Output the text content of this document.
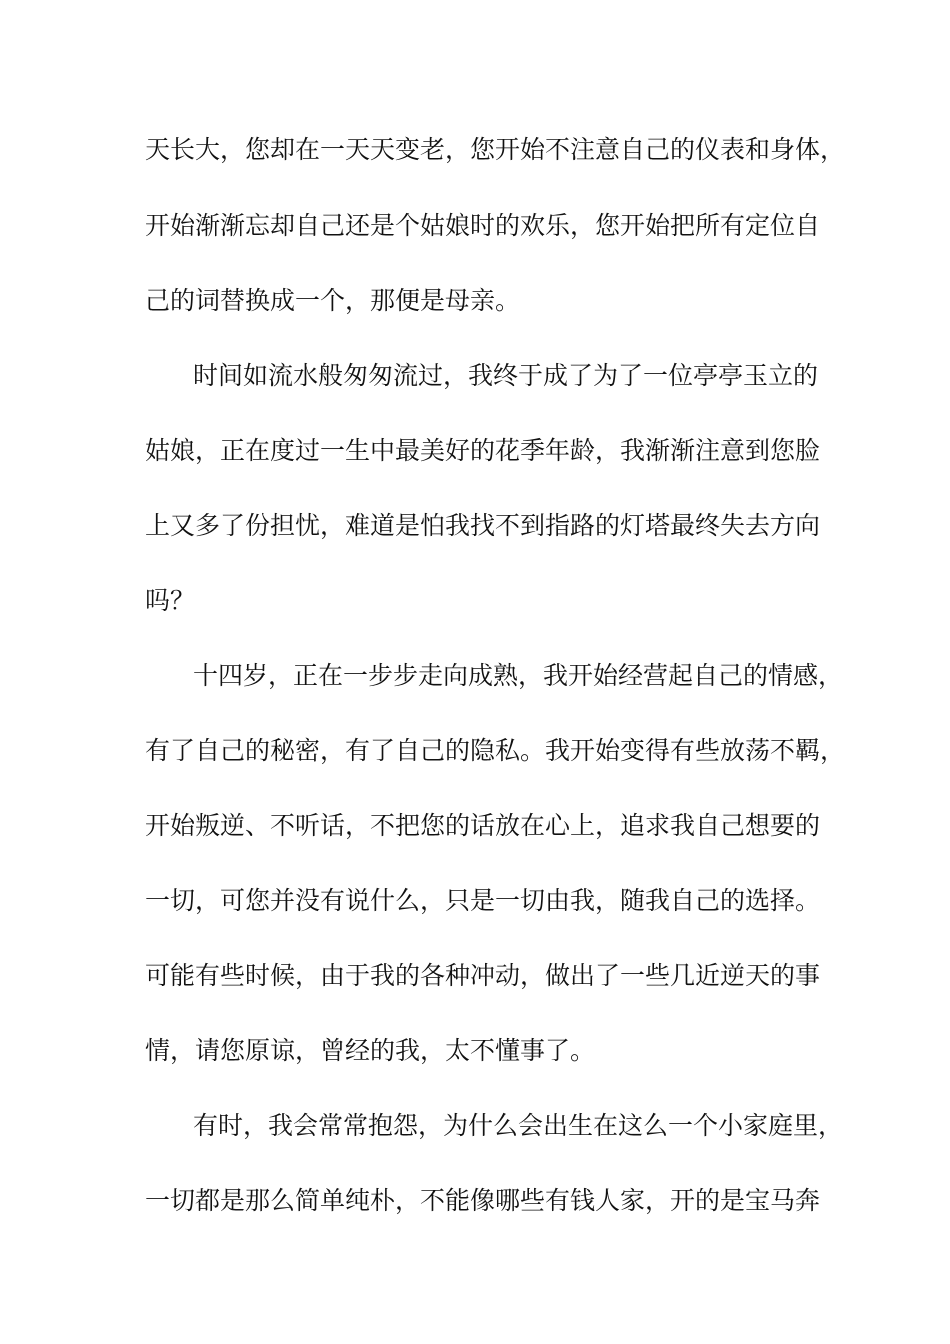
天长大，您却在一天天变老，您开始不注意自己的仪表和身体，

开始渐渐忘却自己还是个姑娘时的欢乐，您开始把所有定位自

己的词替换成一个，那便是母亲。

时间如流水般匆匆流过，我终于成了为了一位亭亭玉立的

姑娘，正在度过一生中最美好的花季年龄，我渐渐注意到您脸

上又多了份担忧，难道是怕我找不到指路的灯塔最终失去方向

吗？

十四岁，正在一步步走向成熟，我开始经营起自己的情感，

有了自己的秘密，有了自己的隐私。我开始变得有些放荡不羁，

开始叛逆、不听话，不把您的话放在心上，追求我自己想要的

一切，可您并没有说什么，只是一切由我，随我自己的选择。

可能有些时候，由于我的各种冲动，做出了一些几近逆天的事

情，请您原谅，曾经的我，太不懂事了。

有时，我会常常抱怨，为什么会出生在这么一个小家庭里，

一切都是那么简单纯朴，不能像哪些有钱人家，开的是宝马奔
